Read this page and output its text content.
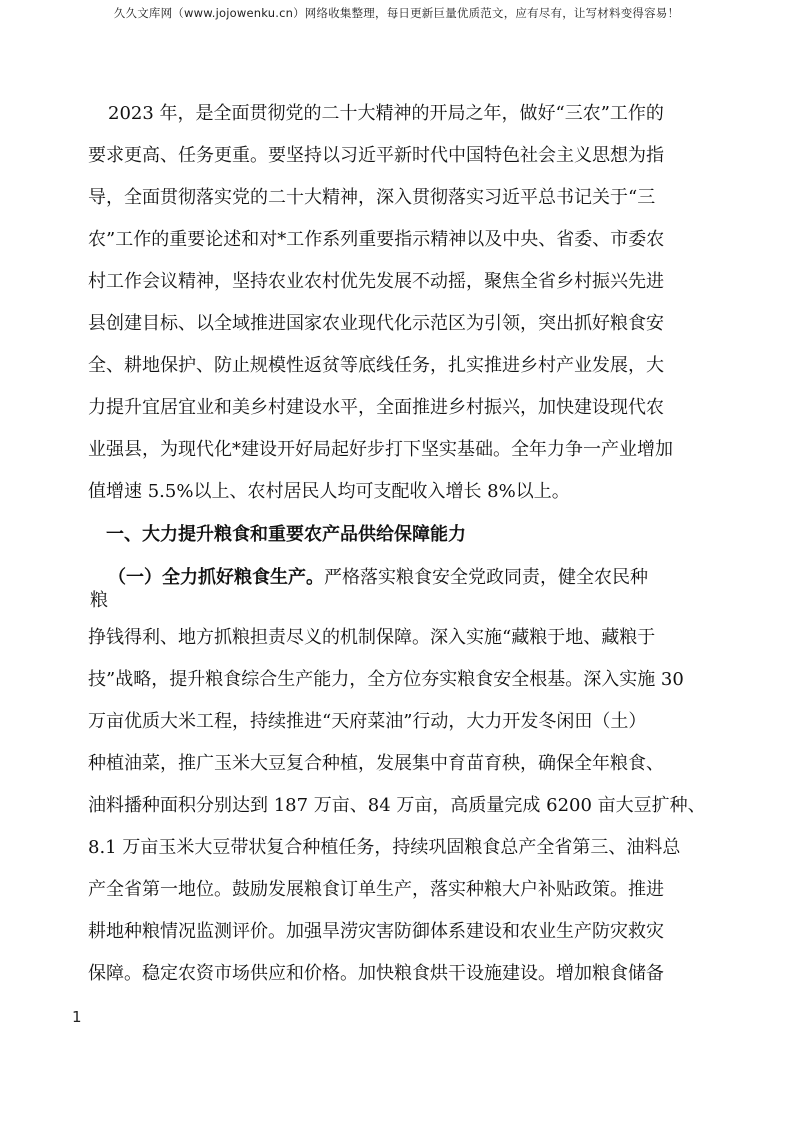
久久文库网（www.jojowenku.cn）网络收集整理，每日更新巨量优质范文，应有尽有，让写材料变得容易！
2023 年，是全面贯彻党的二十大精神的开局之年，做好“三农”工作的
要求更高、任务更重。要坚持以习近平新时代中国特色社会主义思想为指
导，全面贯彻落实党的二十大精神，深入贯彻落实习近平总书记关于“三
农”工作的重要论述和对*工作系列重要指示精神以及中央、省委、市委农
村工作会议精神，坚持农业农村优先发展不动摇，聚焦全省乡村振兴先进
县创建目标、以全域推进国家农业现代化示范区为引领，突出抓好粮食安
全、耕地保护、防止规模性返贫等底线任务，扎实推进乡村产业发展，大
力提升宜居宜业和美乡村建设水平，全面推进乡村振兴，加快建设现代农
业强县，为现代化*建设开好局起好步打下坚实基础。全年力争一产业增加
值增速 5.5%以上、农村居民人均可支配收入增长 8%以上。
一、大力提升粮食和重要农产品供给保障能力
（一）全力抓好粮食生产。严格落实粮食安全党政同责，健全农民种
粮
挣钱得利、地方抓粮担责尽义的机制保障。深入实施“藏粮于地、藏粮于
技”战略，提升粮食综合生产能力，全方位夯实粮食安全根基。深入实施 30
万亩优质大米工程，持续推进“天府菜油”行动，大力开发冬闲田（土）
种植油菜，推广玉米大豆复合种植，发展集中育苗育秧，确保全年粮食、
油料播种面积分别达到 187 万亩、84 万亩，高质量完成 6200 亩大豆扩种、
8.1 万亩玉米大豆带状复合种植任务，持续巩固粮食总产全省第三、油料总
产全省第一地位。鼓励发展粮食订单生产，落实种粮大户补贴政策。推进
耕地种粮情况监测评价。加强旱涝灾害防御体系建设和农业生产防灾救灾
保障。稳定农资市场供应和价格。加快粮食烘干设施建设。增加粮食储备
1
